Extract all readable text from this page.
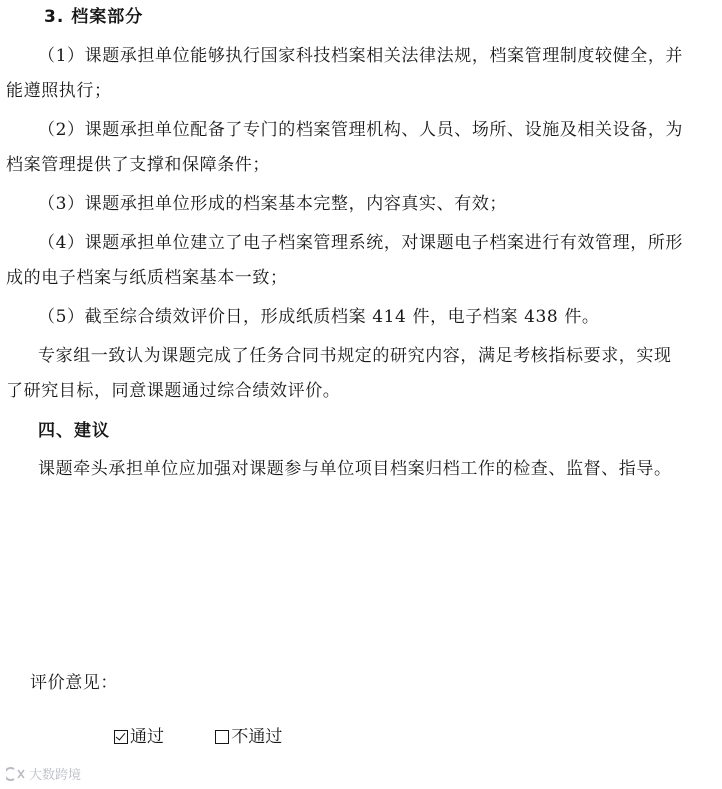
3. 档案部分
（1）课题承担单位能够执行国家科技档案相关法律法规，档案管理制度较健全，并
能遵照执行；
（2）课题承担单位配备了专门的档案管理机构、人员、场所、设施及相关设备，为
档案管理提供了支撑和保障条件；
（3）课题承担单位形成的档案基本完整，内容真实、有效；
（4）课题承担单位建立了电子档案管理系统，对课题电子档案进行有效管理，所形
成的电子档案与纸质档案基本一致；
（5）截至综合绩效评价日，形成纸质档案 414 件，电子档案 438 件。
专家组一致认为课题完成了任务合同书规定的研究内容，满足考核指标要求，实现
了研究目标，同意课题通过综合绩效评价。
四、建议
课题牵头承担单位应加强对课题参与单位项目档案归档工作的检查、监督、指导。
评价意见：
通过
	不通过
大数跨境
